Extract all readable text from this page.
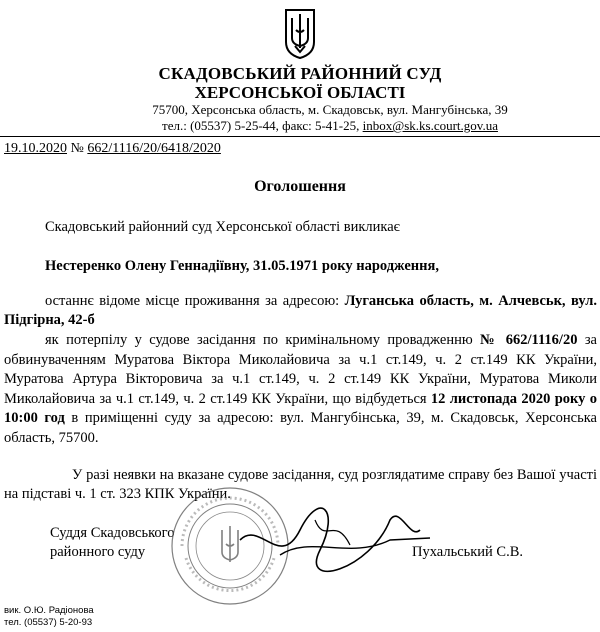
СКАДОВСЬКИЙ РАЙОННИЙ СУД
ХЕРСОНСЬКОЇ ОБЛАСТІ
75700, Херсонська область, м. Скадовськ, вул. Мангубінська, 39
тел.: (05537) 5-25-44, факс: 5-41-25, inbox@sk.ks.court.gov.ua
19.10.2020 № 662/1116/20/6418/2020
Оголошення
Скадовський районний суд Херсонської області викликає
Нестеренко Олену Геннадіївну, 31.05.1971 року народження,
останнє відоме місце проживання за адресою: Луганська область, м. Алчевськ, вул. Підгірна, 42-б
як потерпілу у судове засідання по кримінальному провадженню № 662/1116/20 за обвинуваченням Муратова Віктора Миколайовича за ч.1 ст.149, ч. 2 ст.149 КК України, Муратова Артура Вікторовича за ч.1 ст.149, ч. 2 ст.149 КК України, Муратова Миколи Миколайовича за ч.1 ст.149, ч. 2 ст.149 КК України, що відбудеться 12 листопада 2020 року о 10:00 год в приміщенні суду за адресою: вул. Мангубінська, 39, м. Скадовськ, Херсонська область, 75700.
У разі неявки на вказане судове засідання, суд розглядатиме справу без Вашої участі на підставі ч. 1 ст. 323 КПК України.
Суддя Скадовського
районного суду	Пухальський С.В.
вик. О.Ю. Радіонова
тел. (05537) 5-20-93
